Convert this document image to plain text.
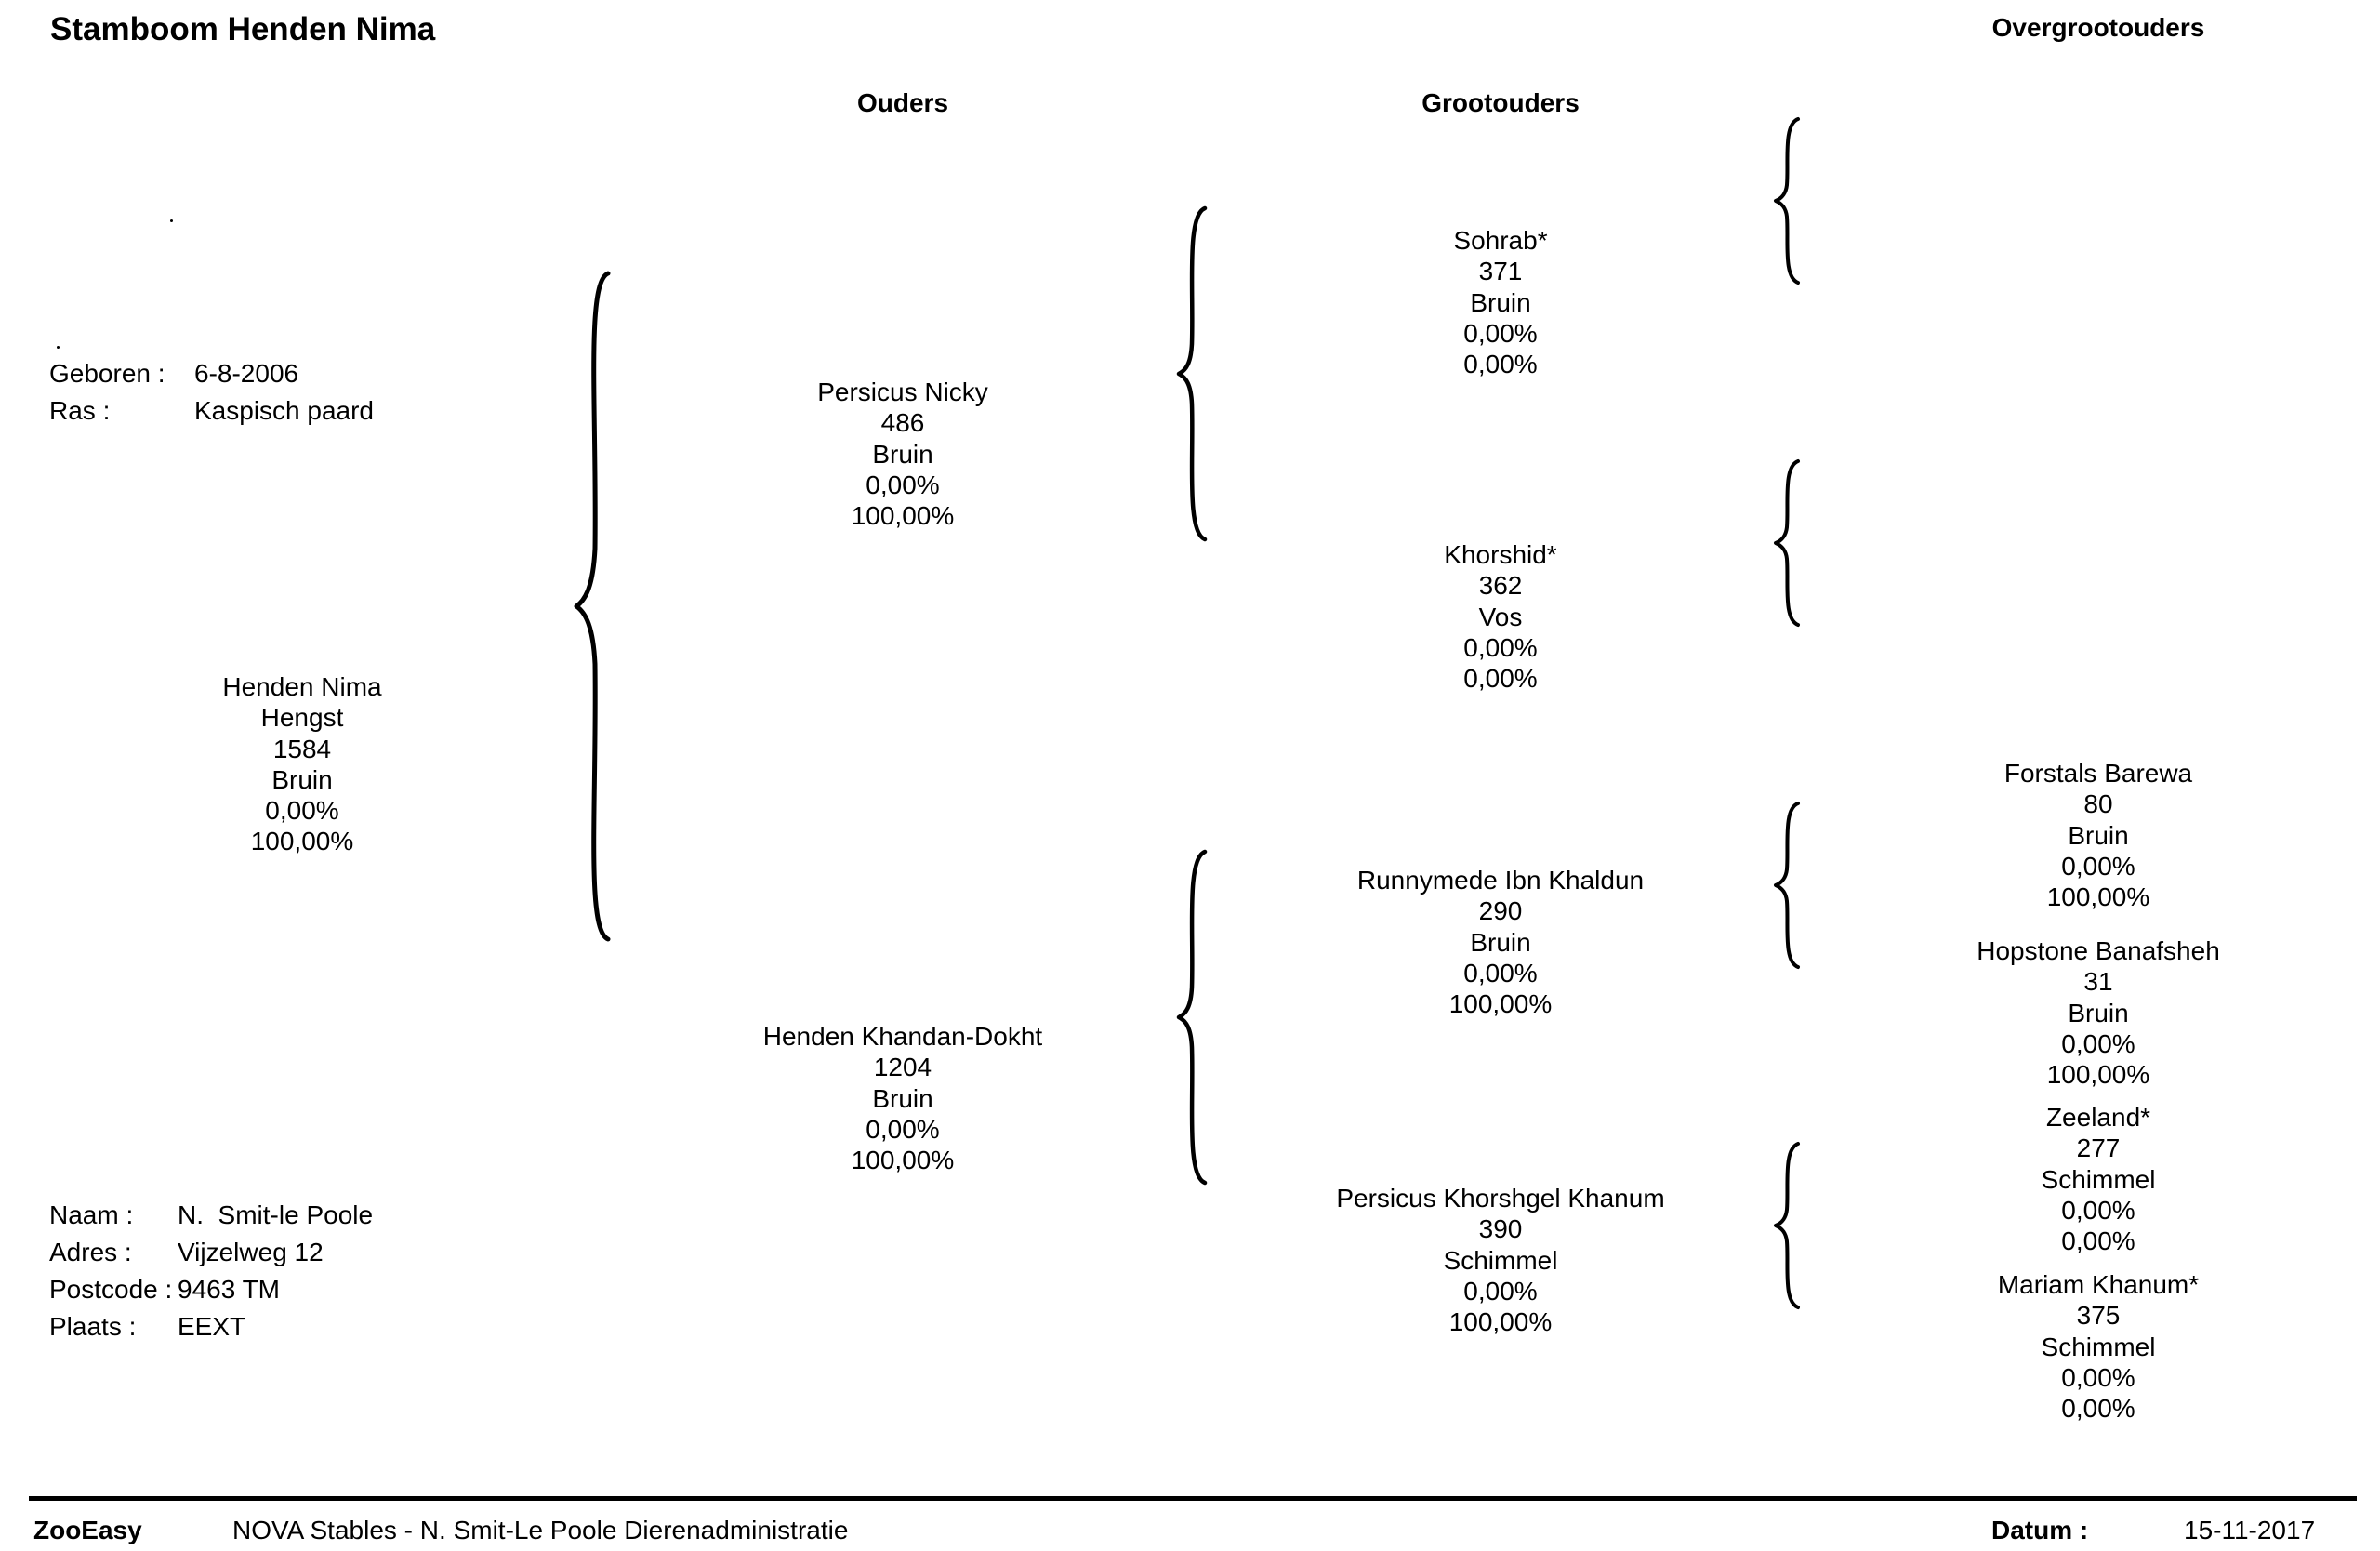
Stamboom Henden Nima
Ouders	Grootouders
Overgrootouders
Geboren : 6-8-2006
Ras :	Kaspisch paard
Henden Nima
Hengst
1584
Bruin
0,00%
100,00%
Persicus Nicky
486
Bruin
0,00%
100,00%
Henden Khandan-Dokht
1204
Bruin
0,00%
100,00%
Sohrab*
371
Bruin
0,00%
0,00%
Khorshid*
362
Vos
0,00%
0,00%
Runnymede Ibn Khaldun
290
Bruin
0,00%
100,00%
Persicus Khorshgel Khanum
390
Schimmel
0,00%
100,00%
Forstals Barewa
80
Bruin
0,00%
100,00%
Hopstone Banafsheh
31
Bruin
0,00%
100,00%
Zeeland*
277
Schimmel
0,00%
0,00%
Mariam Khanum*
375
Schimmel
0,00%
0,00%
Naam : N.  Smit-le Poole
Adres : Vijzelweg 12
Postcode : 9463 TM
Plaats : EEXT
ZooEasy	NOVA Stables - N. Smit-Le Poole Dierenadministratie	Datum :	15-11-2017
